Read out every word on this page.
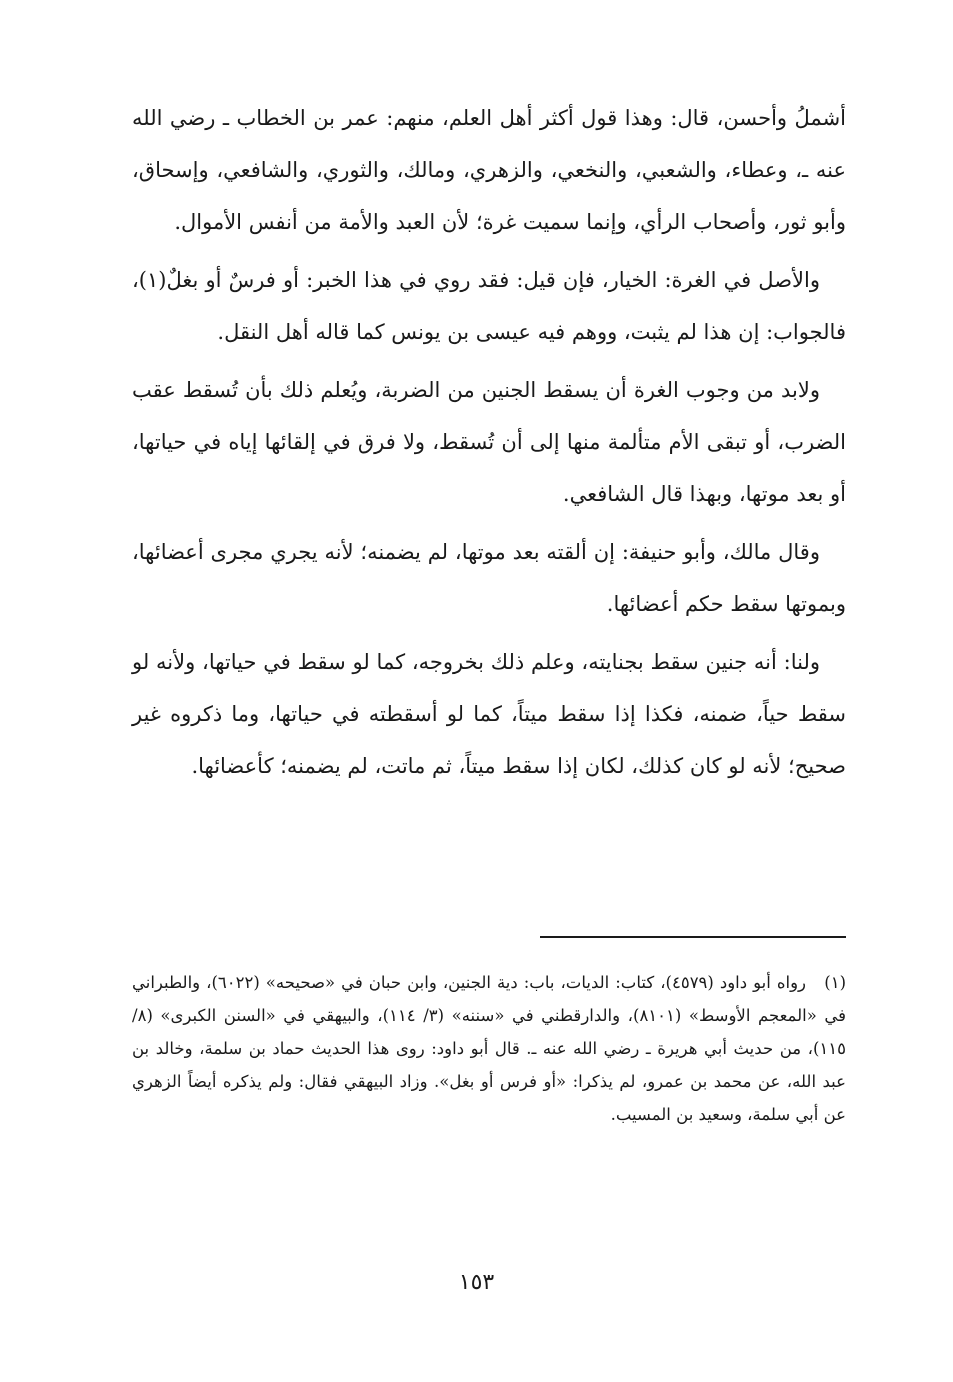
أشملُ وأحسن، قال: وهذا قول أكثر أهل العلم، منهم: عمر بن الخطاب ـ رضي الله عنه ـ، وعطاء، والشعبي، والنخعي، والزهري، ومالك، والثوري، والشافعي، وإسحاق، وأبو ثور، وأصحاب الرأي، وإنما سميت غرة؛ لأن العبد والأمة من أنفس الأموال.

والأصل في الغرة: الخيار، فإن قيل: فقد روي في هذا الخبر: أو فرسٌ أو بغلٌ(١)، فالجواب: إن هذا لم يثبت، ووهم فيه عيسى بن يونس كما قاله أهل النقل.

ولابد من وجوب الغرة أن يسقط الجنين من الضربة، ويُعلم ذلك بأن تُسقط عقب الضرب، أو تبقى الأم متألمة منها إلى أن تُسقط، ولا فرق في إلقائها إياه في حياتها، أو بعد موتها، وبهذا قال الشافعي.

وقال مالك، وأبو حنيفة: إن ألقته بعد موتها، لم يضمنه؛ لأنه يجري مجرى أعضائها، وبموتها سقط حكم أعضائها.

ولنا: أنه جنين سقط بجنايته، وعلم ذلك بخروجه، كما لو سقط في حياتها، ولأنه لو سقط حياً، ضمنه، فكذا إذا سقط ميتاً، كما لو أسقطته في حياتها، وما ذكروه غير صحيح؛ لأنه لو كان كذلك، لكان إذا سقط ميتاً، ثم ماتت، لم يضمنه؛ كأعضائها.

(١)رواه أبو داود (٤٥٧٩)، كتاب: الديات، باب: دية الجنين، وابن حبان في «صحيحه» (٦٠٢٢)، والطبراني في «المعجم الأوسط» (٨١٠١)، والدارقطني في «سننه» (٣/ ١١٤)، والبيهقي في «السنن الكبرى» (٨/ ١١٥)، من حديث أبي هريرة ـ رضي الله عنه ـ. قال أبو داود: روى هذا الحديث حماد بن سلمة، وخالد بن عبد الله، عن محمد بن عمرو، لم يذكرا: «أو فرس أو بغل». وزاد البيهقي فقال: ولم يذكره أيضاً الزهري عن أبي سلمة، وسعيد بن المسيب.
١٥٣
